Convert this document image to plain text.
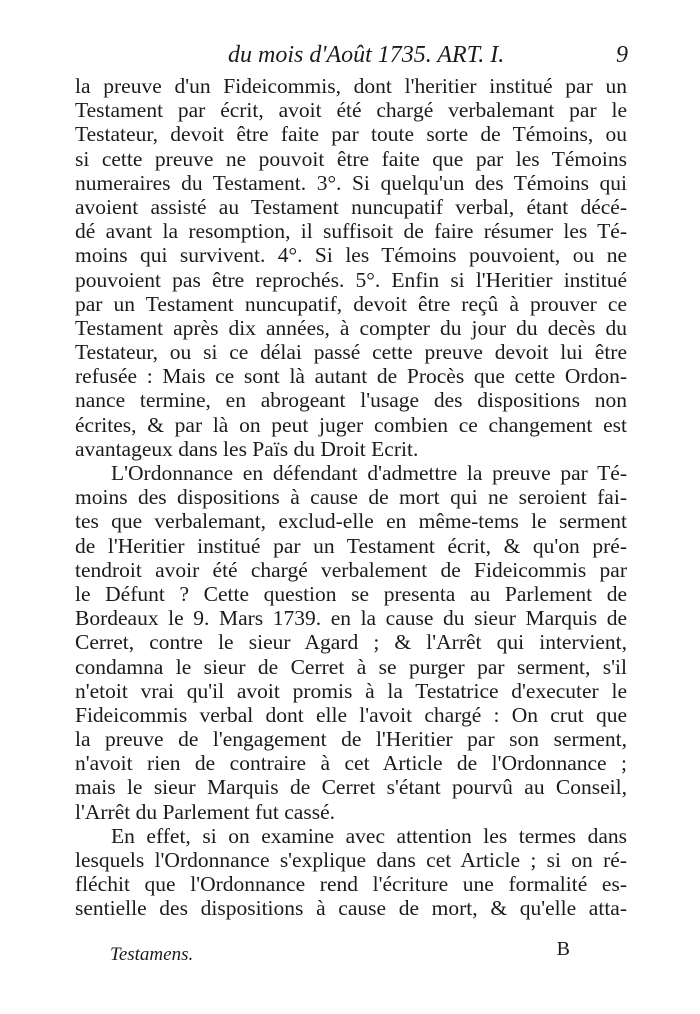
du mois d'Août 1735. ART. I.	9
la preuve d'un Fideicommis, dont l'heritier institué par un
Testament par écrit, avoit été chargé verbalemant par le
Testateur, devoit être faite par toute sorte de Témoins, ou
si cette preuve ne pouvoit être faite que par les Témoins
numeraires du Testament. 3°. Si quelqu'un des Témoins qui
avoient assisté au Testament nuncupatif verbal, étant décé-
dé avant la resomption, il suffisoit de faire résumer les Té-
moins qui survivent. 4°. Si les Témoins pouvoient, ou ne
pouvoient pas être reprochés. 5°. Enfin si l'Heritier institué
par un Testament nuncupatif, devoit être reçû à prouver ce
Testament après dix années, à compter du jour du decès du
Testateur, ou si ce délai passé cette preuve devoit lui être
refusée : Mais ce sont là autant de Procès que cette Ordon-
nance termine, en abrogeant l'usage des dispositions non
écrites, & par là on peut juger combien ce changement est
avantageux dans les Païs du Droit Ecrit.
L'Ordonnance en défendant d'admettre la preuve par Té-
moins des dispositions à cause de mort qui ne seroient fai-
tes que verbalemant, exclud-elle en même-tems le serment
de l'Heritier institué par un Testament écrit, & qu'on pré-
tendroit avoir été chargé verbalement de Fideicommis par
le Défunt ? Cette question se presenta au Parlement de
Bordeaux le 9. Mars 1739. en la cause du sieur Marquis de
Cerret, contre le sieur Agard ; & l'Arrêt qui intervient,
condamna le sieur de Cerret à se purger par serment, s'il
n'etoit vrai qu'il avoit promis à la Testatrice d'executer le
Fideicommis verbal dont elle l'avoit chargé : On crut que
la preuve de l'engagement de l'Heritier par son serment,
n'avoit rien de contraire à cet Article de l'Ordonnance ;
mais le sieur Marquis de Cerret s'étant pourvû au Conseil,
l'Arrêt du Parlement fut cassé.
En effet, si on examine avec attention les termes dans
lesquels l'Ordonnance s'explique dans cet Article ; si on ré-
fléchit que l'Ordonnance rend l'écriture une formalité es-
sentielle des dispositions à cause de mort, & qu'elle atta-
Testamens.	B
